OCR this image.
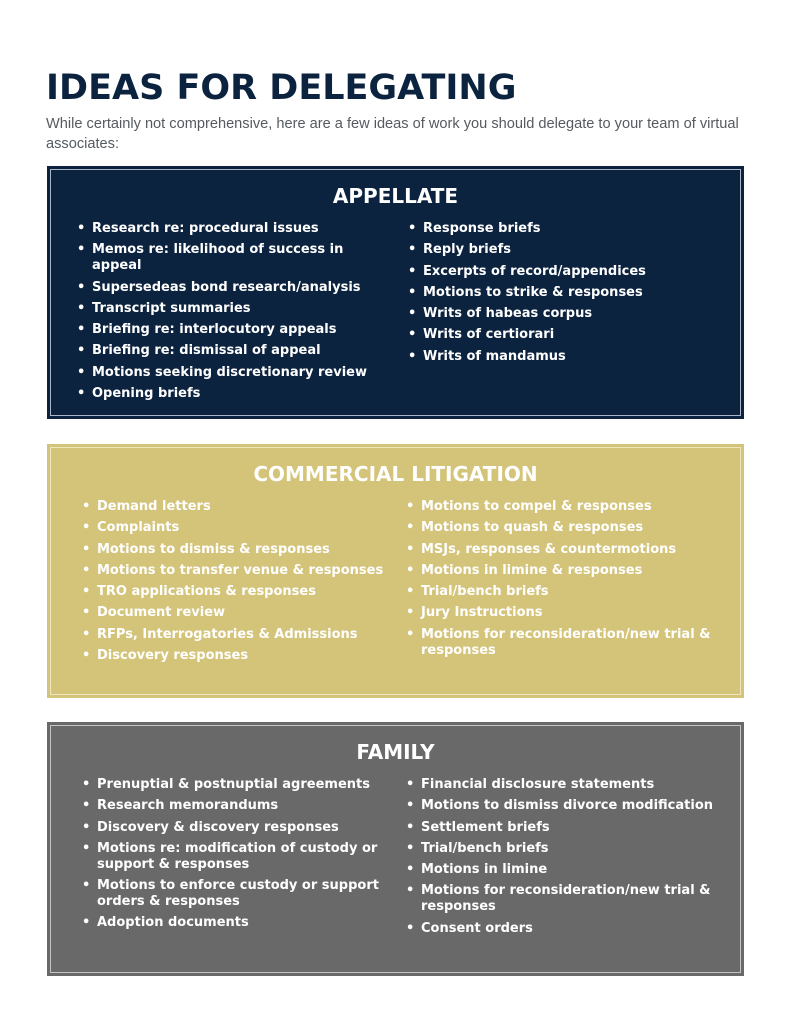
IDEAS FOR DELEGATING

While certainly not comprehensive, here are a few ideas of work you should delegate to your team of virtual associates:

APPELLATE
• Research re: procedural issues
• Memos re: likelihood of success in appeal
• Supersedeas bond research/analysis
• Transcript summaries
• Briefing re: interlocutory appeals
• Briefing re: dismissal of appeal
• Motions seeking discretionary review
• Opening briefs
• Response briefs
• Reply briefs
• Excerpts of record/appendices
• Motions to strike & responses
• Writs of habeas corpus
• Writs of certiorari
• Writs of mandamus
COMMERCIAL LITIGATION
• Demand letters
• Complaints
• Motions to dismiss & responses
• Motions to transfer venue & responses
• TRO applications & responses
• Document review
• RFPs, Interrogatories & Admissions
• Discovery responses
• Motions to compel & responses
• Motions to quash & responses
• MSJs, responses & countermotions
• Motions in limine & responses
• Trial/bench briefs
• Jury Instructions
• Motions for reconsideration/new trial & responses
FAMILY
• Prenuptial & postnuptial agreements
• Research memorandums
• Discovery & discovery responses
• Motions re: modification of custody or support & responses
• Motions to enforce custody or support orders & responses
• Adoption documents
• Financial disclosure statements
• Motions to dismiss divorce modification
• Settlement briefs
• Trial/bench briefs
• Motions in limine
• Motions for reconsideration/new trial & responses
• Consent orders
